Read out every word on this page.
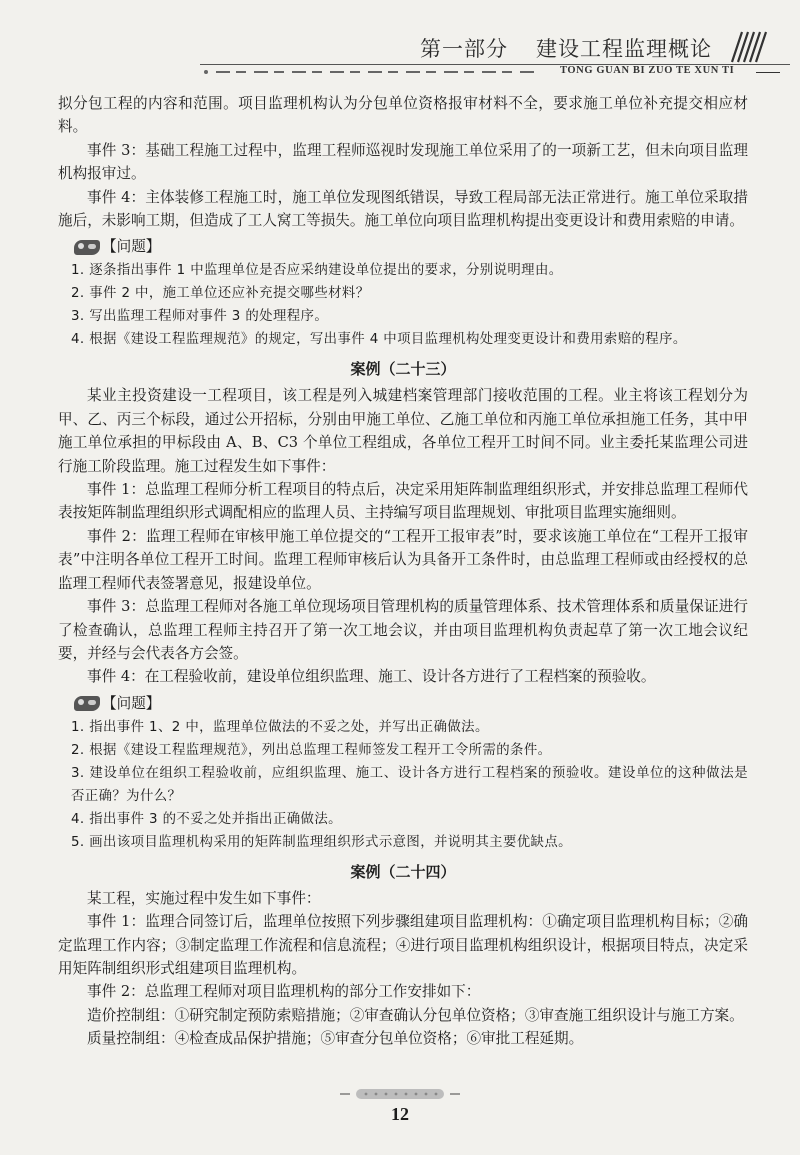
第一部分 建设工程监理概论
TONG GUAN BI ZUO TE XUN TI

拟分包工程的内容和范围。项目监理机构认为分包单位资格报审材料不全，要求施工单位补充提交相应材料。

事件 3：基础工程施工过程中，监理工程师巡视时发现施工单位采用了的一项新工艺，但未向项目监理机构报审过。

事件 4：主体装修工程施工时，施工单位发现图纸错误，导致工程局部无法正常进行。施工单位采取措施后，未影响工期，但造成了工人窝工等损失。施工单位向项目监理机构提出变更设计和费用索赔的申请。

【问题】

1. 逐条指出事件 1 中监理单位是否应采纳建设单位提出的要求，分别说明理由。

2. 事件 2 中，施工单位还应补充提交哪些材料？

3. 写出监理工程师对事件 3 的处理程序。

4. 根据《建设工程监理规范》的规定，写出事件 4 中项目监理机构处理变更设计和费用索赔的程序。

案例（二十三）

某业主投资建设一工程项目，该工程是列入城建档案管理部门接收范围的工程。业主将该工程划分为甲、乙、丙三个标段，通过公开招标，分别由甲施工单位、乙施工单位和丙施工单位承担施工任务，其中甲施工单位承担的甲标段由 A、B、C3 个单位工程组成，各单位工程开工时间不同。业主委托某监理公司进行施工阶段监理。施工过程发生如下事件：

事件 1：总监理工程师分析工程项目的特点后，决定采用矩阵制监理组织形式，并安排总监理工程师代表按矩阵制监理组织形式调配相应的监理人员、主持编写项目监理规划、审批项目监理实施细则。

事件 2：监理工程师在审核甲施工单位提交的“工程开工报审表”时，要求该施工单位在“工程开工报审表”中注明各单位工程开工时间。监理工程师审核后认为具备开工条件时，由总监理工程师或由经授权的总监理工程师代表签署意见，报建设单位。

事件 3：总监理工程师对各施工单位现场项目管理机构的质量管理体系、技术管理体系和质量保证进行了检查确认，总监理工程师主持召开了第一次工地会议，并由项目监理机构负责起草了第一次工地会议纪要，并经与会代表各方会签。

事件 4：在工程验收前，建设单位组织监理、施工、设计各方进行了工程档案的预验收。

【问题】

1. 指出事件 1、2 中，监理单位做法的不妥之处，并写出正确做法。

2. 根据《建设工程监理规范》，列出总监理工程师签发工程开工令所需的条件。

3. 建设单位在组织工程验收前，应组织监理、施工、设计各方进行工程档案的预验收。建设单位的这种做法是否正确？为什么？

4. 指出事件 3 的不妥之处并指出正确做法。

5. 画出该项目监理机构采用的矩阵制监理组织形式示意图，并说明其主要优缺点。

案例（二十四）

某工程，实施过程中发生如下事件：

事件 1：监理合同签订后，监理单位按照下列步骤组建项目监理机构：①确定项目监理机构目标；②确定监理工作内容；③制定监理工作流程和信息流程；④进行项目监理机构组织设计，根据项目特点，决定采用矩阵制组织形式组建项目监理机构。

事件 2：总监理工程师对项目监理机构的部分工作安排如下：

造价控制组：①研究制定预防索赔措施；②审查确认分包单位资格；③审查施工组织设计与施工方案。

质量控制组：④检查成品保护措施；⑤审查分包单位资格；⑥审批工程延期。

12
